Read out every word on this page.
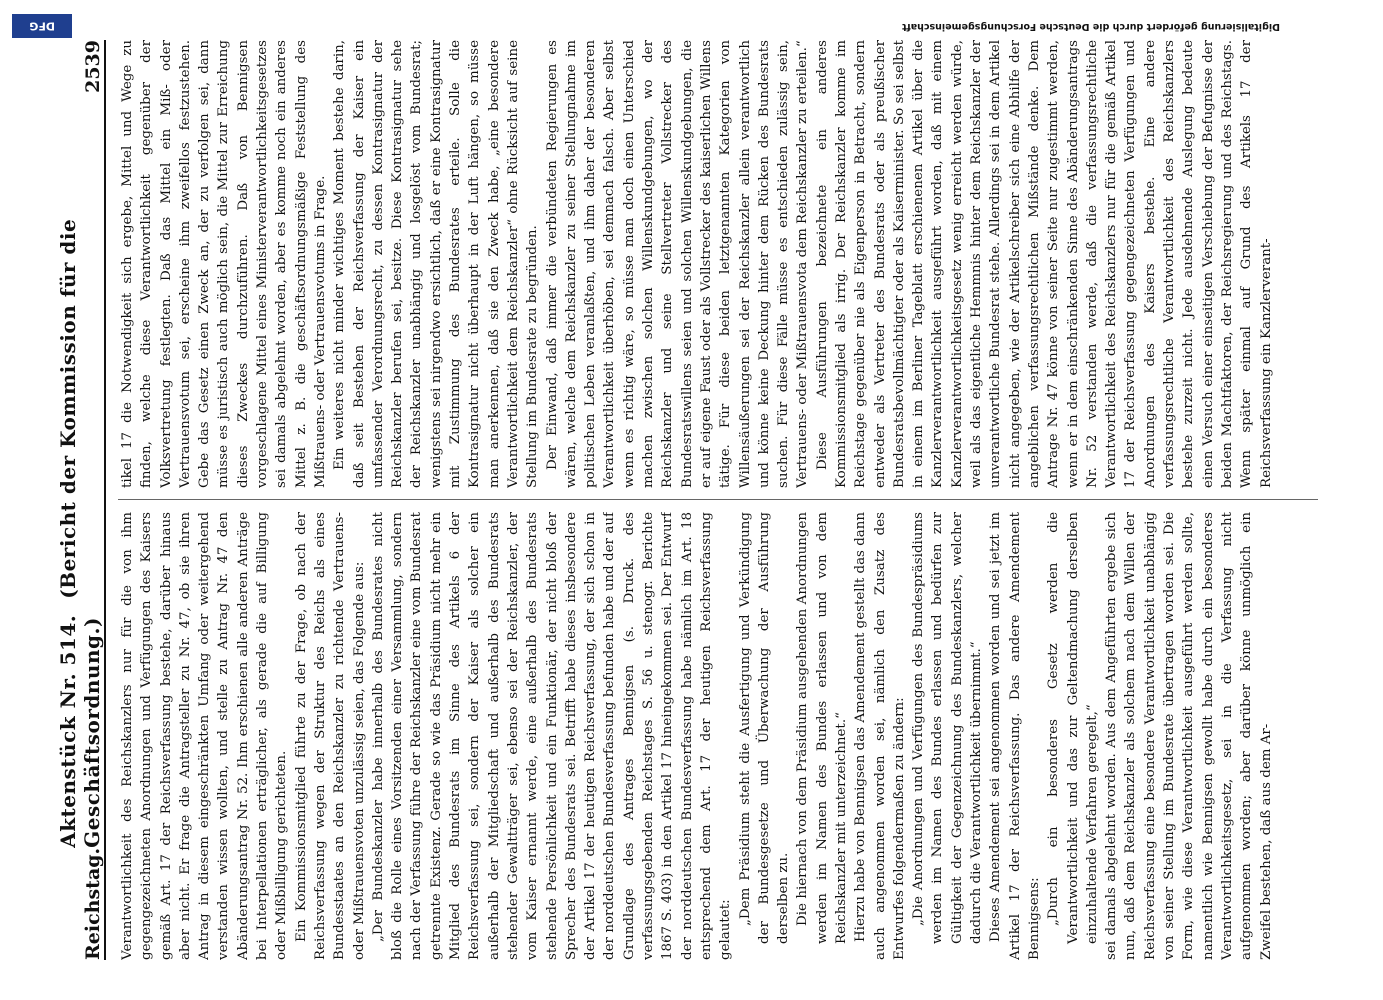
DFG	Digitalisierung gefördert durch die Deutsche Forschungsgemeinschaft
Reichstag.
Aktenstück Nr. 514.(Bericht der Kommission für die Geschäftsordnung.)
2539

Verantwortlichkeit des Reichskanzlers nur für die von ihm gegengezeichneten Anordnungen und Verfügungen des Kaisers gemäß Art. 17 der Reichsverfassung bestehe, darüber hinaus aber nicht. Er frage die Antragsteller zu Nr. 47, ob sie ihren Antrag in diesem eingeschränkten Umfang oder weitergehend verstanden wissen wollten, und stelle zu Antrag Nr. 47 den Abänderungsantrag Nr. 52. Ihm erschienen alle anderen Anträge bei Interpellationen erträglicher, als gerade die auf Billigung oder Mißbilligung gerichteten. Ein Kommissionsmitglied führte zu der Frage, ob nach der Reichsverfassung wegen der Struktur des Reichs als eines Bundesstaates an den Reichskanzler zu richtende Vertrauens- oder Mißtrauensvoten unzulässig seien, das Folgende aus: „Der Bundeskanzler habe innerhalb des Bundesrates nicht bloß die Rolle eines Vorsitzenden einer Versammlung, sondern nach der Verfassung führe der Reichskanzler eine vom Bundesrat getrennte Existenz. Gerade so wie das Präsidium nicht mehr ein Mitglied des Bundesrats im Sinne des Artikels 6 der Reichsverfassung sei, sondern der Kaiser als solcher ein außerhalb der Mitgliedschaft und außerhalb des Bundesrats stehender Gewaltträger sei, ebenso sei der Reichskanzler, der vom Kaiser ernannt werde, eine außerhalb des Bundesrats stehende Persönlichkeit und ein Funktionär, der nicht bloß der Sprecher des Bundesrats sei. Betrifft habe dieses insbesondere der Artikel 17 der heutigen Reichsverfassung, der sich schon in der norddeutschen Bundesverfassung befunden habe und der auf Grundlage des Antrages Bennigsen (s. Druck. des verfassungsgebenden Reichstages S. 56 u. stenogr. Berichte 1867 S. 403) in den Artikel 17 hineingekommen sei. Der Entwurf der norddeutschen Bundesverfassung habe nämlich im Art. 18 entsprechend dem Art. 17 der heutigen Reichsverfassung gelautet:

„Dem Präsidium steht die Ausfertigung und Verkündigung der Bundesgesetze und Überwachung der Ausführung derselben zu. Die hiernach von dem Präsidium ausgehenden Anordnungen werden im Namen des Bundes erlassen und von dem Reichskanzler mit unterzeichnet.“ Hierzu habe von Bennigsen das Amendement gestellt das dann auch angenommen worden sei, nämlich den Zusatz des Entwurfes folgendermaßen zu ändern: „Die Anordnungen und Verfügungen des Bundespräsidiums werden im Namen des Bundes erlassen und bedürfen zur Gültigkeit der Gegenzeichnung des Bundeskanzlers, welcher dadurch die Verantwortlichkeit übernimmt.“ Dieses Amendement sei angenommen worden und sei jetzt im Artikel 17 der Reichsverfassung. Das andere Amendement Bennigsens: „Durch ein besonderes Gesetz werden die Verantwortlichkeit und das zur Geltendmachung derselben einzuhaltende Verfahren geregelt,“ sei damals abgelehnt worden. Aus dem Angeführten ergebe sich nun, daß dem Reichskanzler als solchem nach dem Willen der Reichsverfassung eine besondere Verantwortlichkeit unabhängig von seiner Stellung im Bundesrate übertragen worden sei. Die Form, wie diese Verantwortlichkeit ausgeführt werden sollte, namentlich wie Bennigsen gewollt habe durch ein besonderes Verantwortlichkeitsgesetz, sei in die Verfassung nicht aufgenommen worden; aber darüber könne unmöglich ein Zweifel bestehen, daß aus dem Ar-

tikel 17 die Notwendigkeit sich ergebe, Mittel und Wege zu finden, welche diese Verantwortlichkeit gegenüber der Volksvertretung festlegten. Daß das Mittel ein Miß- oder Vertrauensvotum sei, erscheine ihm zweifellos festzustehen. Gebe das Gesetz einen Zweck an, der zu verfolgen sei, dann müsse es juristisch auch möglich sein, die Mittel zur Erreichung dieses Zweckes durchzuführen. Daß von Bennigsen vorgeschlagene Mittel eines Ministerverantwortlichkeitsgesetzes sei damals abgelehnt worden, aber es komme noch ein anderes Mittel z. B. die geschäftsordnungsmäßige Feststellung des Mißtrauens- oder Vertrauensvotums in Frage. Ein weiteres nicht minder wichtiges Moment bestehe darin, daß seit Bestehen der Reichsverfassung der Kaiser ein umfassender Verordnungsrecht, zu dessen Kontrasignatur der Reichskanzler berufen sei, besitze. Diese Kontrasignatur sehe der Reichskanzler unabhängig und losgelöst vom Bundesrat; wenigstens sei nirgendwo ersichtlich, daß er eine Kontrasignatur mit Zustimmung des Bundesrates erteile. Solle die Kontrasignatur nicht überhaupt in der Luft hängen, so müsse man anerkennen, daß sie den Zweck habe, „eine besondere Verantwortlichkeit dem Reichskanzler“ ohne Rücksicht auf seine Stellung im Bundesrate zu begründen. Der Einwand, daß immer die verbündeten Regierungen es wären, welche dem Reichskanzler zu seiner Stellungnahme im politischen Leben veranlaßten, und ihm daher der besonderen Verantwortlichkeit überhöben, sei demnach falsch. Aber selbst wenn es richtig wäre, so müsse man doch einen Unterschied machen zwischen solchen Willenskundgebungen, wo der Reichskanzler und seine Stellvertreter Vollstrecker des Bundesratswillens seien und solchen Willenskundgebungen, die er auf eigene Faust oder als Vollstrecker des kaiserlichen Willens tätige. Für diese beiden letztgenannten Kategorien von Willensäußerungen sei der Reichskanzler allein verantwortlich und könne keine Deckung hinter dem Rücken des Bundesrats suchen. Für diese Fälle müsse es entschieden zulässig sein, Vertrauens- oder Mißtrauensvota dem Reichskanzler zu erteilen.“ Diese Ausführungen bezeichnete ein anderes Kommissionsmitglied als irrig. Der Reichskanzler komme im Reichstage gegenüber nie als Eigenperson in Betracht, sondern entweder als Vertreter des Bundesrats oder als preußischer Bundesratsbevollmächtigter oder als Kaiserminister. So sei selbst in einem im Berliner Tageblatt erschienenen Artikel über die Kanzlerverantwortlichkeit ausgeführt worden, daß mit einem Kanzlerverantwortlichkeitsgesetz wenig erreicht werden würde, weil als das eigentliche Hemmnis hinter dem Reichskanzler der unverantwortliche Bundesrat stehe. Allerdings sei in dem Artikel nicht angegeben, wie der Artikelschreiber sich eine Abhilfe der angeblichen verfassungsrechtlichen Mißstände denke. Dem Antrage Nr. 47 könne von seiner Seite nur zugestimmt werden, wenn er in dem einschränkenden Sinne des Abänderungsantrags Nr. 52 verstanden werde, daß die verfassungsrechtliche Verantwortlichkeit des Reichskanzlers nur für die gemäß Artikel 17 der Reichsverfassung gegengezeichneten Verfügungen und Anordnungen des Kaisers bestehe. Eine andere verfassungsrechtliche Verantwortlichkeit des Reichskanzlers bestehe zurzeit nicht. Jede ausdehnende Auslegung bedeute einen Versuch einer einseitigen Verschiebung der Befugnisse der beiden Machtfaktoren, der Reichsregierung und des Reichstags. Wenn später einmal auf Grund des Artikels 17 der Reichsverfassung ein Kanzlerverant-
